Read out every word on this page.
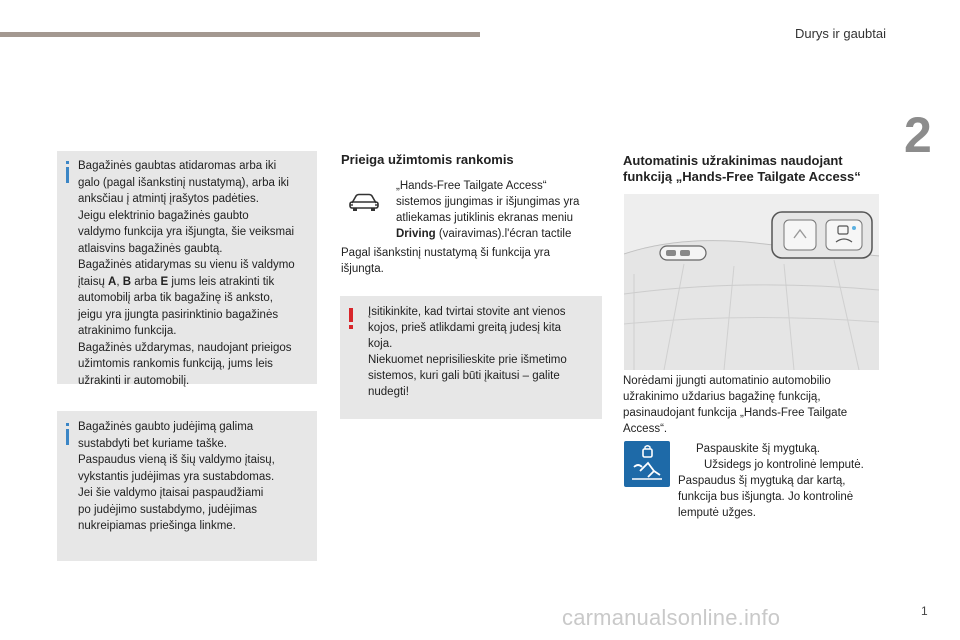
Durys ir gaubtai
2
Bagažinės gaubtas atidaromas arba iki
galo (pagal išankstinį nustatymą), arba iki
anksčiau į atmintį įrašytos padėties.
Jeigu elektrinio bagažinės gaubto
valdymo funkcija yra išjungta, šie veiksmai
atlaisvins bagažinės gaubtą.
Bagažinės atidarymas su vienu iš valdymo
įtaisų A, B arba E jums leis atrakinti tik
automobilį arba tik bagažinę iš anksto,
jeigu yra įjungta pasirinktinio bagažinės
atrakinimo funkcija.
Bagažinės uždarymas, naudojant prieigos
užimtomis rankomis funkciją, jums leis
užrakinti ir automobilį.
Bagažinės gaubto judėjimą galima
sustabdyti bet kuriame taške.
Paspaudus vieną iš šių valdymo įtaisų,
vykstantis judėjimas yra sustabdomas.
Jei šie valdymo įtaisai paspaudžiami
po judėjimo sustabdymo, judėjimas
nukreipiamas priešinga linkme.
Prieiga užimtomis rankomis
„Hands-Free Tailgate Access“
sistemos įjungimas ir išjungimas yra
atliekamas jutiklinis ekranas meniu
Driving (vairavimas).l'écran tactile
Pagal išankstinį nustatymą ši funkcija yra
išjungta.
Įsitikinkite, kad tvirtai stovite ant vienos
kojos, prieš atlikdami greitą judesį kita
koja.
Niekuomet neprisilieskite prie išmetimo
sistemos, kuri gali būti įkaitusi – galite
nudegti!
Automatinis užrakinimas naudojant
funkciją „Hands-Free Tailgate Access“
Norėdami įjungti automatinio automobilio
užrakinimo uždarius bagažinę funkciją,
pasinaudojant funkcija „Hands-Free Tailgate
Access“.
Paspauskite šį mygtuką.
Užsidegs jo kontrolinė lemputė.
Paspaudus šį mygtuką dar kartą,
funkcija bus išjungta. Jo kontrolinė
lemputė užges.
carmanualsonline.info	1
